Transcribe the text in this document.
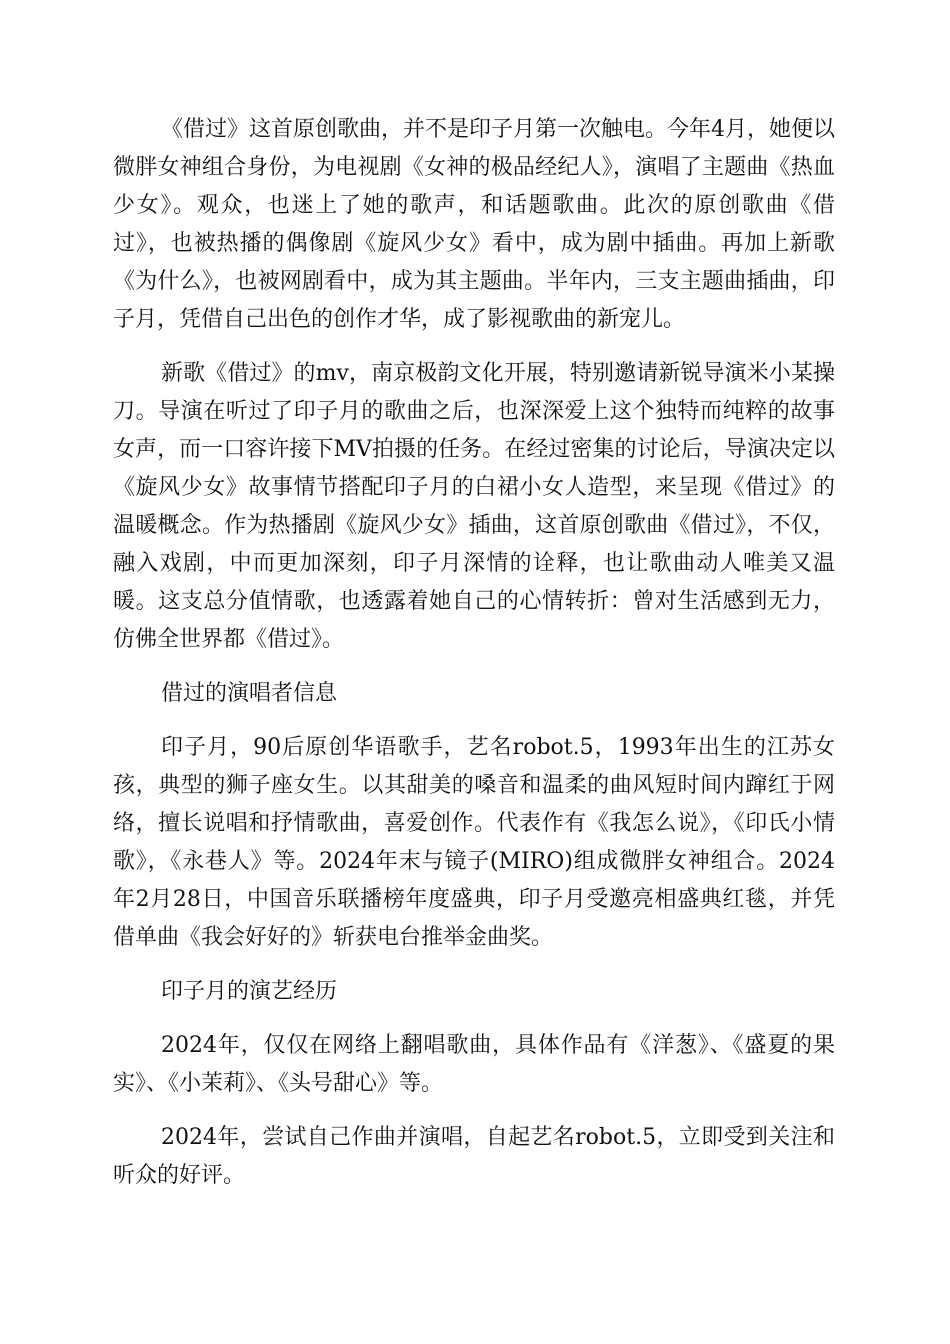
《借过》这首原创歌曲，并不是印子月第一次触电。今年4月，她便以微胖女神组合身份，为电视剧《女神的极品经纪人》，演唱了主题曲《热血少女》。观众，也迷上了她的歌声，和话题歌曲。此次的原创歌曲《借过》，也被热播的偶像剧《旋风少女》看中，成为剧中插曲。再加上新歌《为什么》，也被网剧看中，成为其主题曲。半年内，三支主题曲插曲，印子月，凭借自己出色的创作才华，成了影视歌曲的新宠儿。

新歌《借过》的mv，南京极韵文化开展，特别邀请新锐导演米小某操刀。导演在听过了印子月的歌曲之后，也深深爱上这个独特而纯粹的故事女声，而一口容许接下MV拍摄的任务。在经过密集的讨论后，导演决定以《旋风少女》故事情节搭配印子月的白裙小女人造型，来呈现《借过》的温暖概念。作为热播剧《旋风少女》插曲，这首原创歌曲《借过》，不仅，融入戏剧，中而更加深刻，印子月深情的诠释，也让歌曲动人唯美又温暖。这支总分值情歌，也透露着她自己的心情转折：曾对生活感到无力，仿佛全世界都《借过》。

借过的演唱者信息

印子月，90后原创华语歌手，艺名robot.5，1993年出生的江苏女孩，典型的狮子座女生。以其甜美的嗓音和温柔的曲风短时间内蹿红于网络，擅长说唱和抒情歌曲，喜爱创作。代表作有《我怎么说》，《印氏小情歌》，《永巷人》等。2024年末与镜子(MIRO)组成微胖女神组合。2024年2月28日，中国音乐联播榜年度盛典，印子月受邀亮相盛典红毯，并凭借单曲《我会好好的》斩获电台推举金曲奖。

印子月的演艺经历

2024年，仅仅在网络上翻唱歌曲，具体作品有《洋葱》、《盛夏的果实》、《小茉莉》、《头号甜心》等。

2024年，尝试自己作曲并演唱，自起艺名robot.5，立即受到关注和听众的好评。
